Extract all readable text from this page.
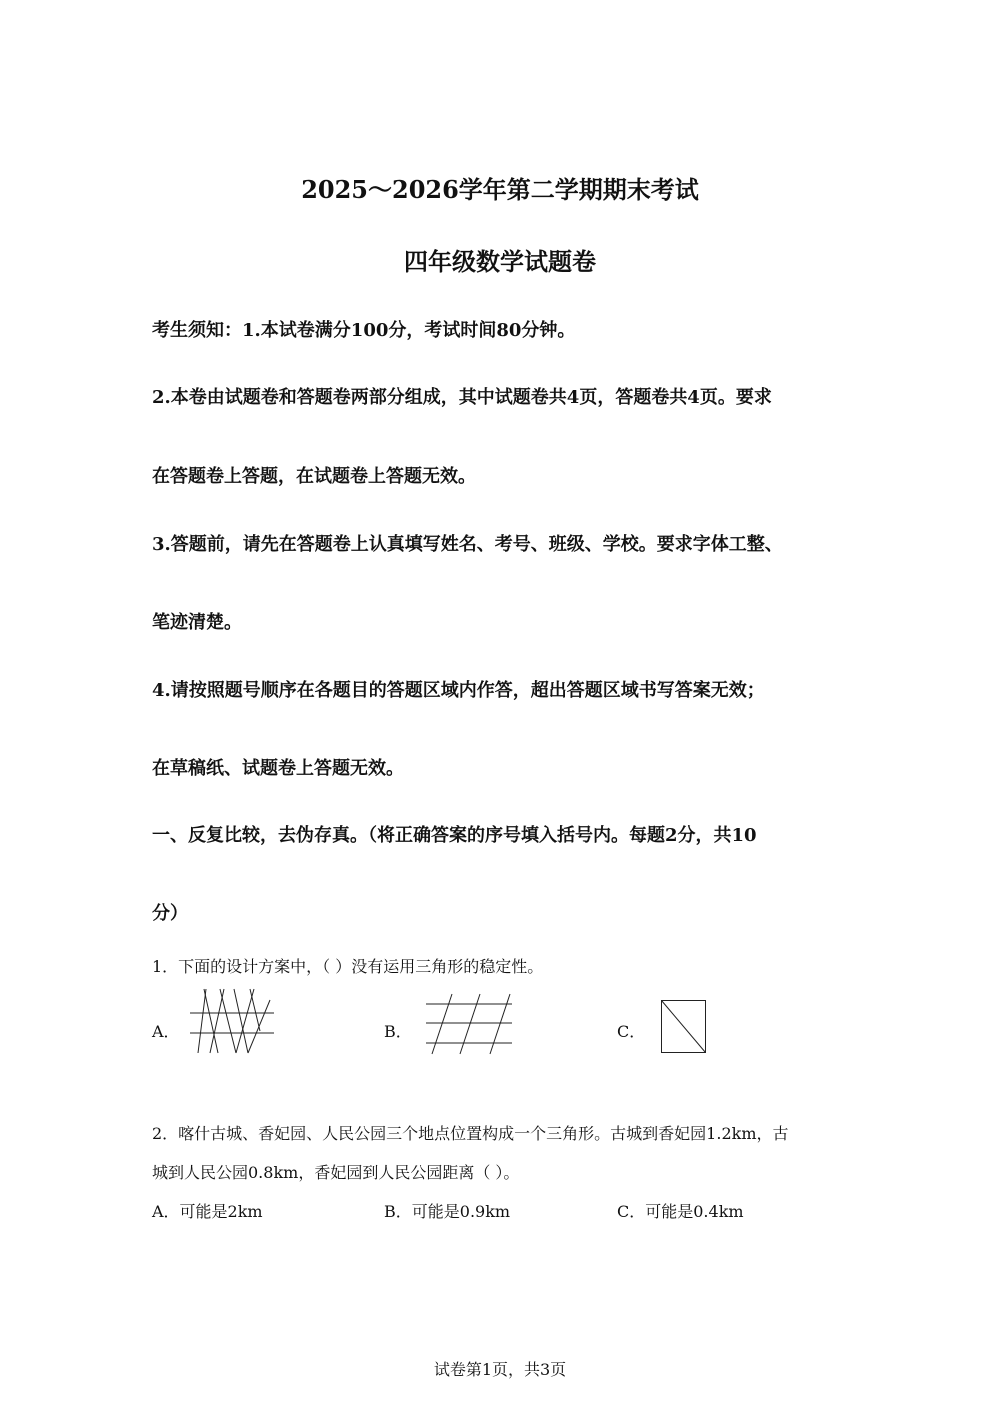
2025～2026学年第二学期期末考试
四年级数学试题卷
考生须知：1.本试卷满分100分，考试时间80分钟。
2.本卷由试题卷和答题卷两部分组成，其中试题卷共4页，答题卷共4页。要求
在答题卷上答题，在试题卷上答题无效。
3.答题前，请先在答题卷上认真填写姓名、考号、班级、学校。要求字体工整、
笔迹清楚。
4.请按照题号顺序在各题目的答题区域内作答，超出答题区域书写答案无效；
在草稿纸、试题卷上答题无效。
一、反复比较，去伪存真。（将正确答案的序号填入括号内。每题2分，共10
分）
1．下面的设计方案中，（ ）没有运用三角形的稳定性。
A．	B．	C．
2．喀什古城、香妃园、人民公园三个地点位置构成一个三角形。古城到香妃园1.2km，古
城到人民公园0.8km，香妃园到人民公园距离（ ）。
A．可能是2km	B．可能是0.9km	C．可能是0.4km
试卷第1页，共3页
